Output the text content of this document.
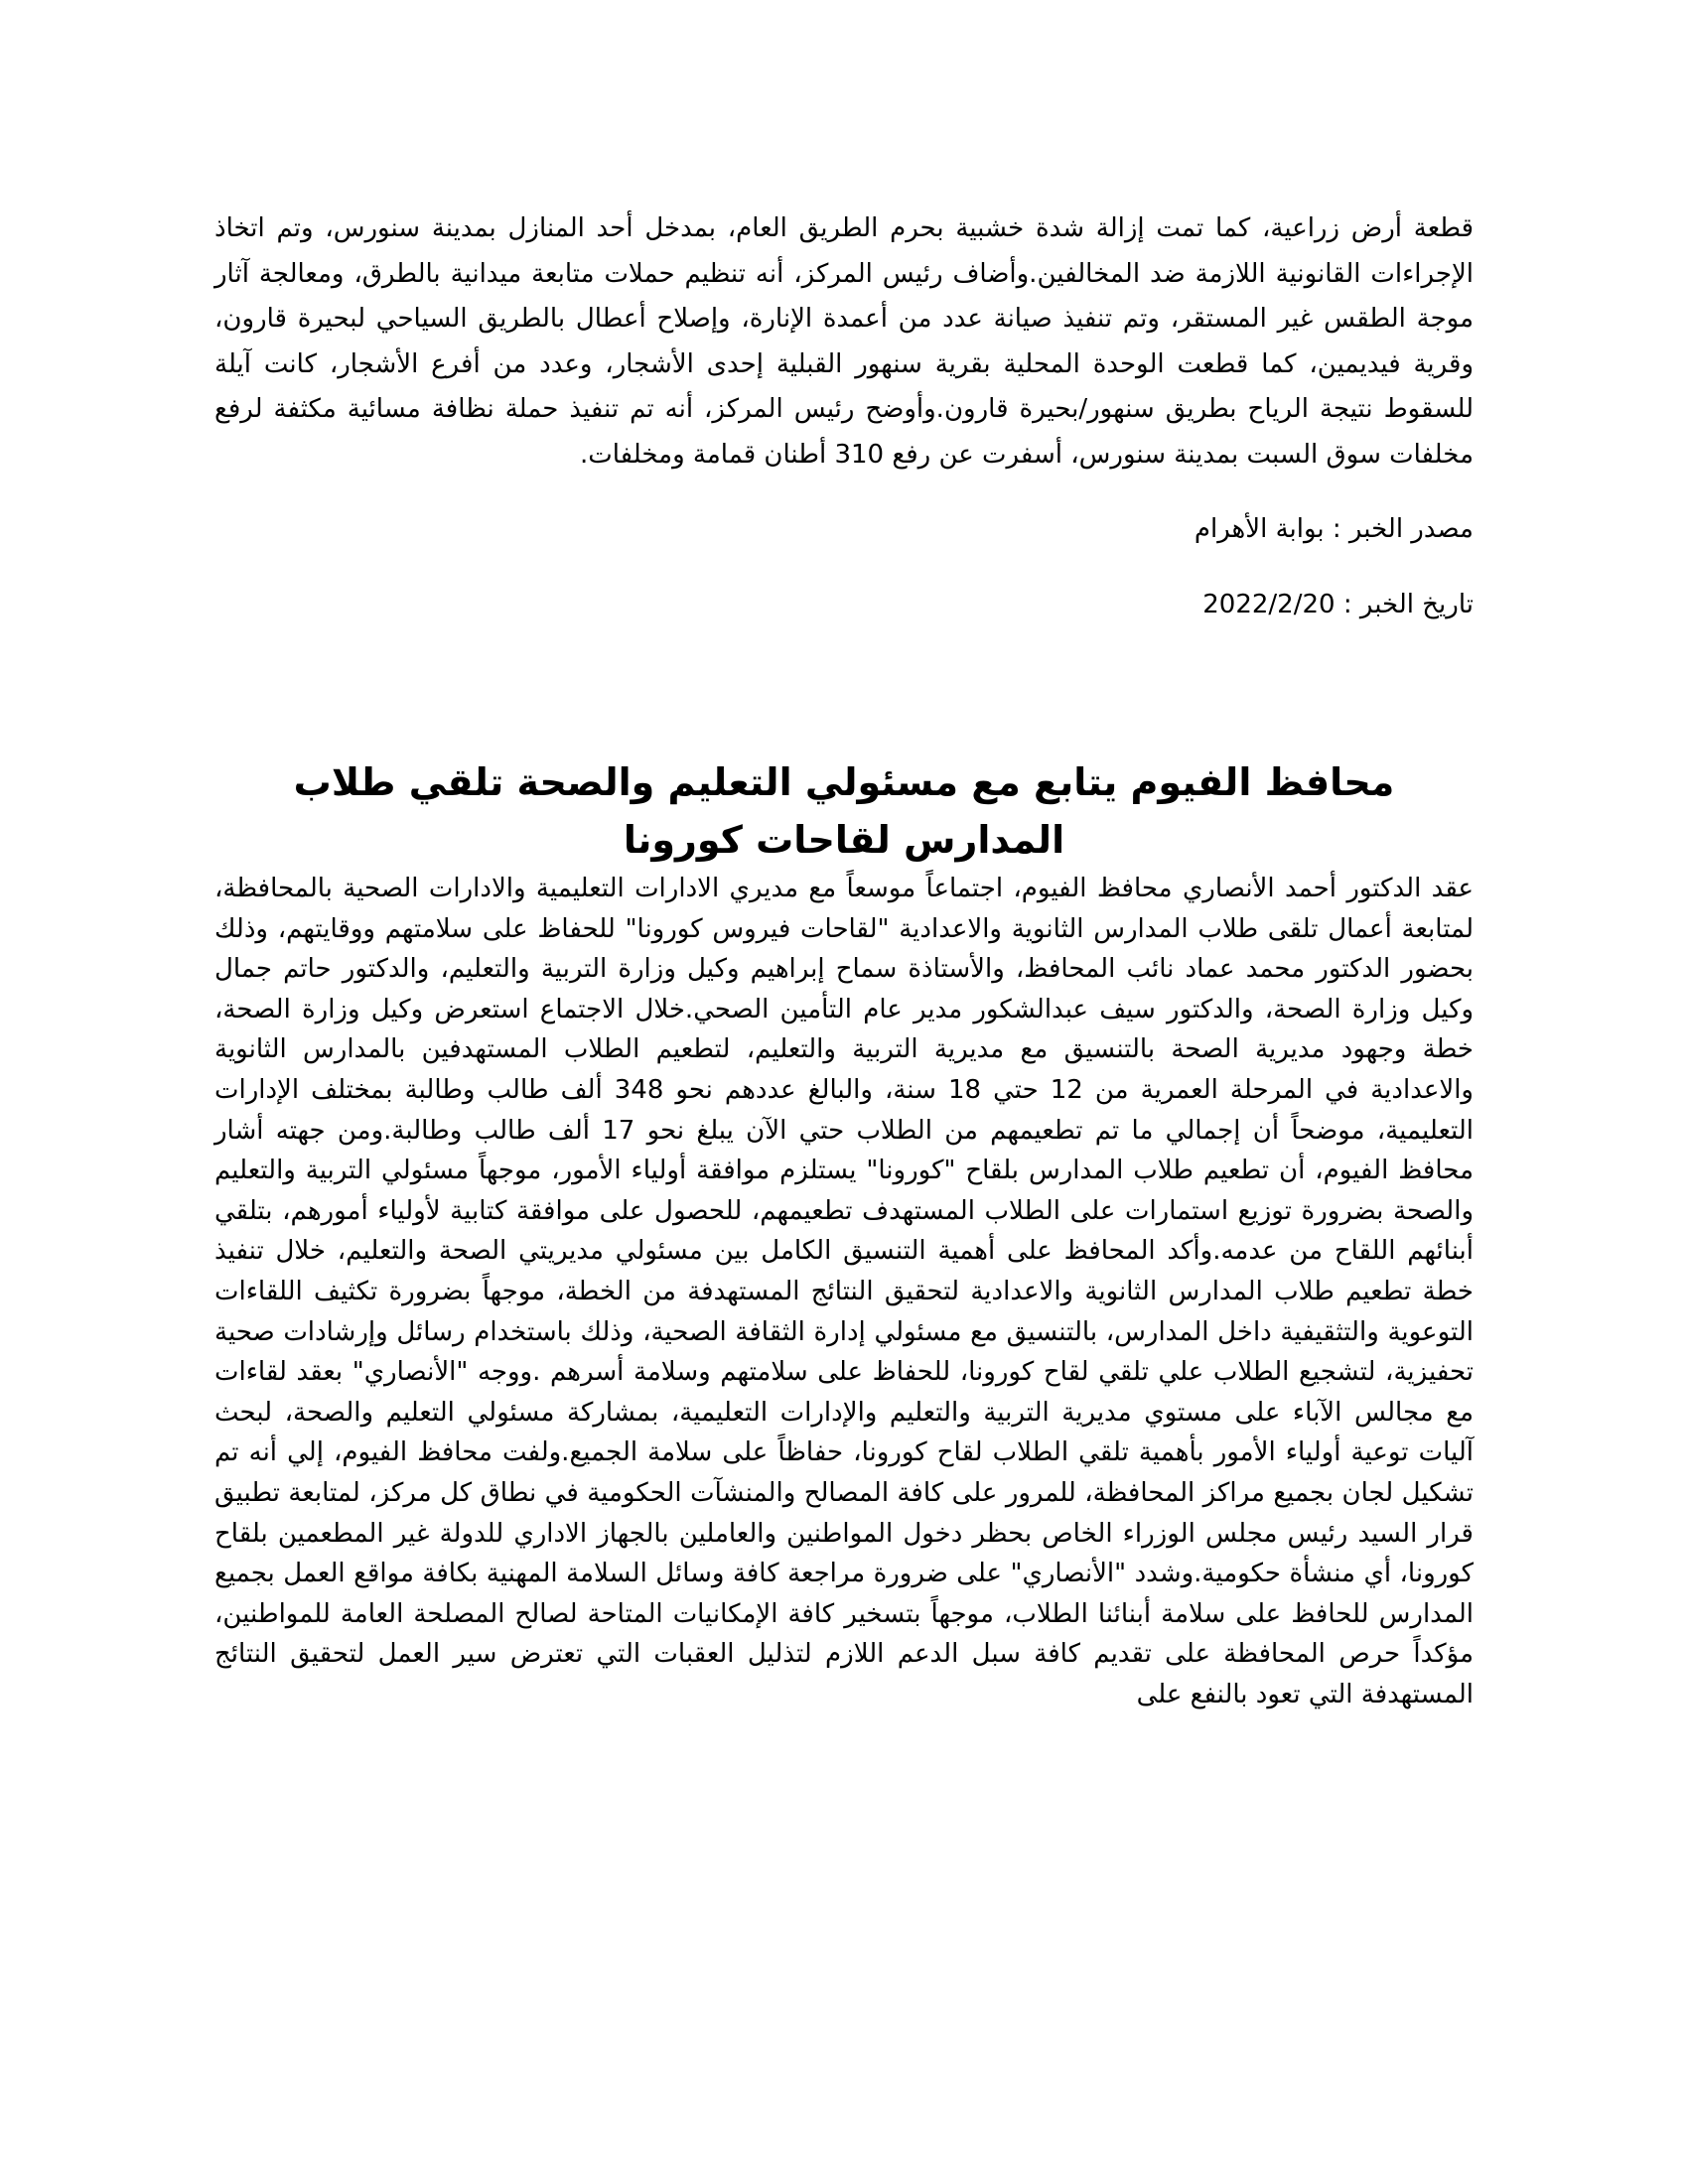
قطعة أرض زراعية، كما تمت إزالة شدة خشبية بحرم الطريق العام، بمدخل أحد المنازل بمدينة سنورس، وتم اتخاذ الإجراءات القانونية اللازمة ضد المخالفين.وأضاف رئيس المركز، أنه تنظيم حملات متابعة ميدانية بالطرق، ومعالجة آثار موجة الطقس غير المستقر، وتم تنفيذ صيانة عدد من أعمدة الإنارة، وإصلاح أعطال بالطريق السياحي لبحيرة قارون، وقرية فيديمين، كما قطعت الوحدة المحلية بقرية سنهور القبلية إحدى الأشجار، وعدد من أفرع الأشجار، كانت آيلة للسقوط نتيجة الرياح بطريق سنهور/بحيرة قارون.وأوضح رئيس المركز، أنه تم تنفيذ حملة نظافة مسائية مكثفة لرفع مخلفات سوق السبت بمدينة سنورس، أسفرت عن رفع 310 أطنان قمامة ومخلفات.

مصدر الخبر : بوابة الأهرام

تاريخ الخبر : 2022/2/20

محافظ الفيوم يتابع مع مسئولي التعليم والصحة تلقي طلاب المدارس لقاحات كورونا

عقد الدكتور أحمد الأنصاري محافظ الفيوم، اجتماعاً موسعاً مع مديري الادارات التعليمية والادارات الصحية بالمحافظة، لمتابعة أعمال تلقى طلاب المدارس الثانوية والاعدادية "لقاحات فيروس كورونا" للحفاظ على سلامتهم ووقايتهم، وذلك بحضور الدكتور محمد عماد نائب المحافظ، والأستاذة سماح إبراهيم وكيل وزارة التربية والتعليم، والدكتور حاتم جمال وكيل وزارة الصحة، والدكتور سيف عبدالشكور مدير عام التأمين الصحي.خلال الاجتماع استعرض وكيل وزارة الصحة، خطة وجهود مديرية الصحة بالتنسيق مع مديرية التربية والتعليم، لتطعيم الطلاب المستهدفين بالمدارس الثانوية والاعدادية في المرحلة العمرية من 12 حتي 18 سنة، والبالغ عددهم نحو 348 ألف طالب وطالبة بمختلف الإدارات التعليمية، موضحاً أن إجمالي ما تم تطعيمهم من الطلاب حتي الآن يبلغ نحو 17 ألف طالب وطالبة.ومن جهته أشار محافظ الفيوم، أن تطعيم طلاب المدارس بلقاح "كورونا" يستلزم موافقة أولياء الأمور، موجهاً مسئولي التربية والتعليم والصحة بضرورة توزيع استمارات على الطلاب المستهدف تطعيمهم، للحصول على موافقة كتابية لأولياء أمورهم، بتلقي أبنائهم اللقاح من عدمه.وأكد المحافظ على أهمية التنسيق الكامل بين مسئولي مديريتي الصحة والتعليم، خلال تنفيذ خطة تطعيم طلاب المدارس الثانوية والاعدادية لتحقيق النتائج المستهدفة من الخطة، موجهاً بضرورة تكثيف اللقاءات التوعوية والتثقيفية داخل المدارس، بالتنسيق مع مسئولي إدارة الثقافة الصحية، وذلك باستخدام رسائل وإرشادات صحية تحفيزية، لتشجيع الطلاب علي تلقي لقاح كورونا، للحفاظ على سلامتهم وسلامة أسرهم .ووجه "الأنصاري" بعقد لقاءات مع مجالس الآباء على مستوي مديرية التربية والتعليم والإدارات التعليمية، بمشاركة مسئولي التعليم والصحة، لبحث آليات توعية أولياء الأمور بأهمية تلقي الطلاب لقاح كورونا، حفاظاً على سلامة الجميع.ولفت محافظ الفيوم، إلي أنه تم تشكيل لجان بجميع مراكز المحافظة، للمرور على كافة المصالح والمنشآت الحكومية في نطاق كل مركز، لمتابعة تطبيق قرار السيد رئيس مجلس الوزراء الخاص بحظر دخول المواطنين والعاملين بالجهاز الاداري للدولة غير المطعمين بلقاح كورونا، أي منشأة حكومية.وشدد "الأنصاري" على ضرورة مراجعة كافة وسائل السلامة المهنية بكافة مواقع العمل بجميع المدارس للحافظ على سلامة أبنائنا الطلاب، موجهاً بتسخير كافة الإمكانيات المتاحة لصالح المصلحة العامة للمواطنين، مؤكداً حرص المحافظة على تقديم كافة سبل الدعم اللازم لتذليل العقبات التي تعترض سير العمل لتحقيق النتائج المستهدفة التي تعود بالنفع على
